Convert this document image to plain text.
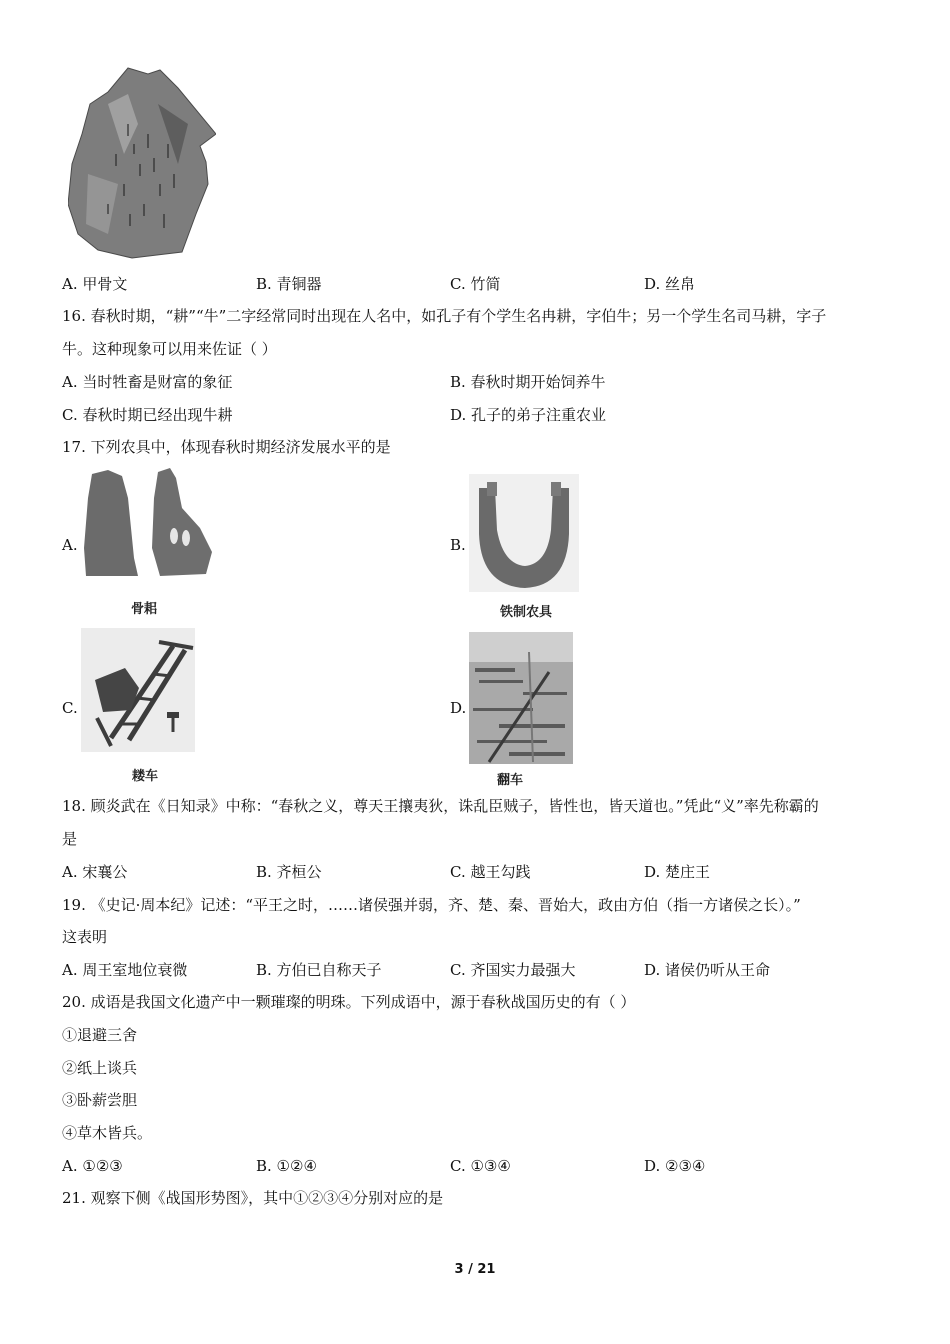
A. 甲骨文	B. 青铜器	C. 竹简	D. 丝帛
16. 春秋时期，“耕”“牛”二字经常同时出现在人名中，如孔子有个学生名冉耕，字伯牛；另一个学生名司马耕，字子
牛。这种现象可以用来佐证（ ）
A. 当时牲畜是财富的象征	B. 春秋时期开始饲养牛
C. 春秋时期已经出现牛耕	D. 孔子的弟子注重农业
17. 下列农具中，体现春秋时期经济发展水平的是
A.
骨耜
B.
铁制农具
C.
耧车
D.
翻车
18. 顾炎武在《日知录》中称：“春秋之义，尊天王攘夷狄，诛乱臣贼子，皆性也，皆天道也。”凭此“义”率先称霸的
是
A. 宋襄公	B. 齐桓公	C. 越王勾践	D. 楚庄王
19. 《史记·周本纪》记述：“平王之时，……诸侯强并弱，齐、楚、秦、晋始大，政由方伯（指一方诸侯之长）。”
这表明
A. 周王室地位衰微	B. 方伯已自称天子	C. 齐国实力最强大	D. 诸侯仍听从王命
20. 成语是我国文化遗产中一颗璀璨的明珠。下列成语中，源于春秋战国历史的有（ ）
①退避三舍
②纸上谈兵
③卧薪尝胆
④草木皆兵。
A. ①②③	B. ①②④	C. ①③④	D. ②③④
21. 观察下侧《战国形势图》，其中①②③④分别对应的是
3 / 21
